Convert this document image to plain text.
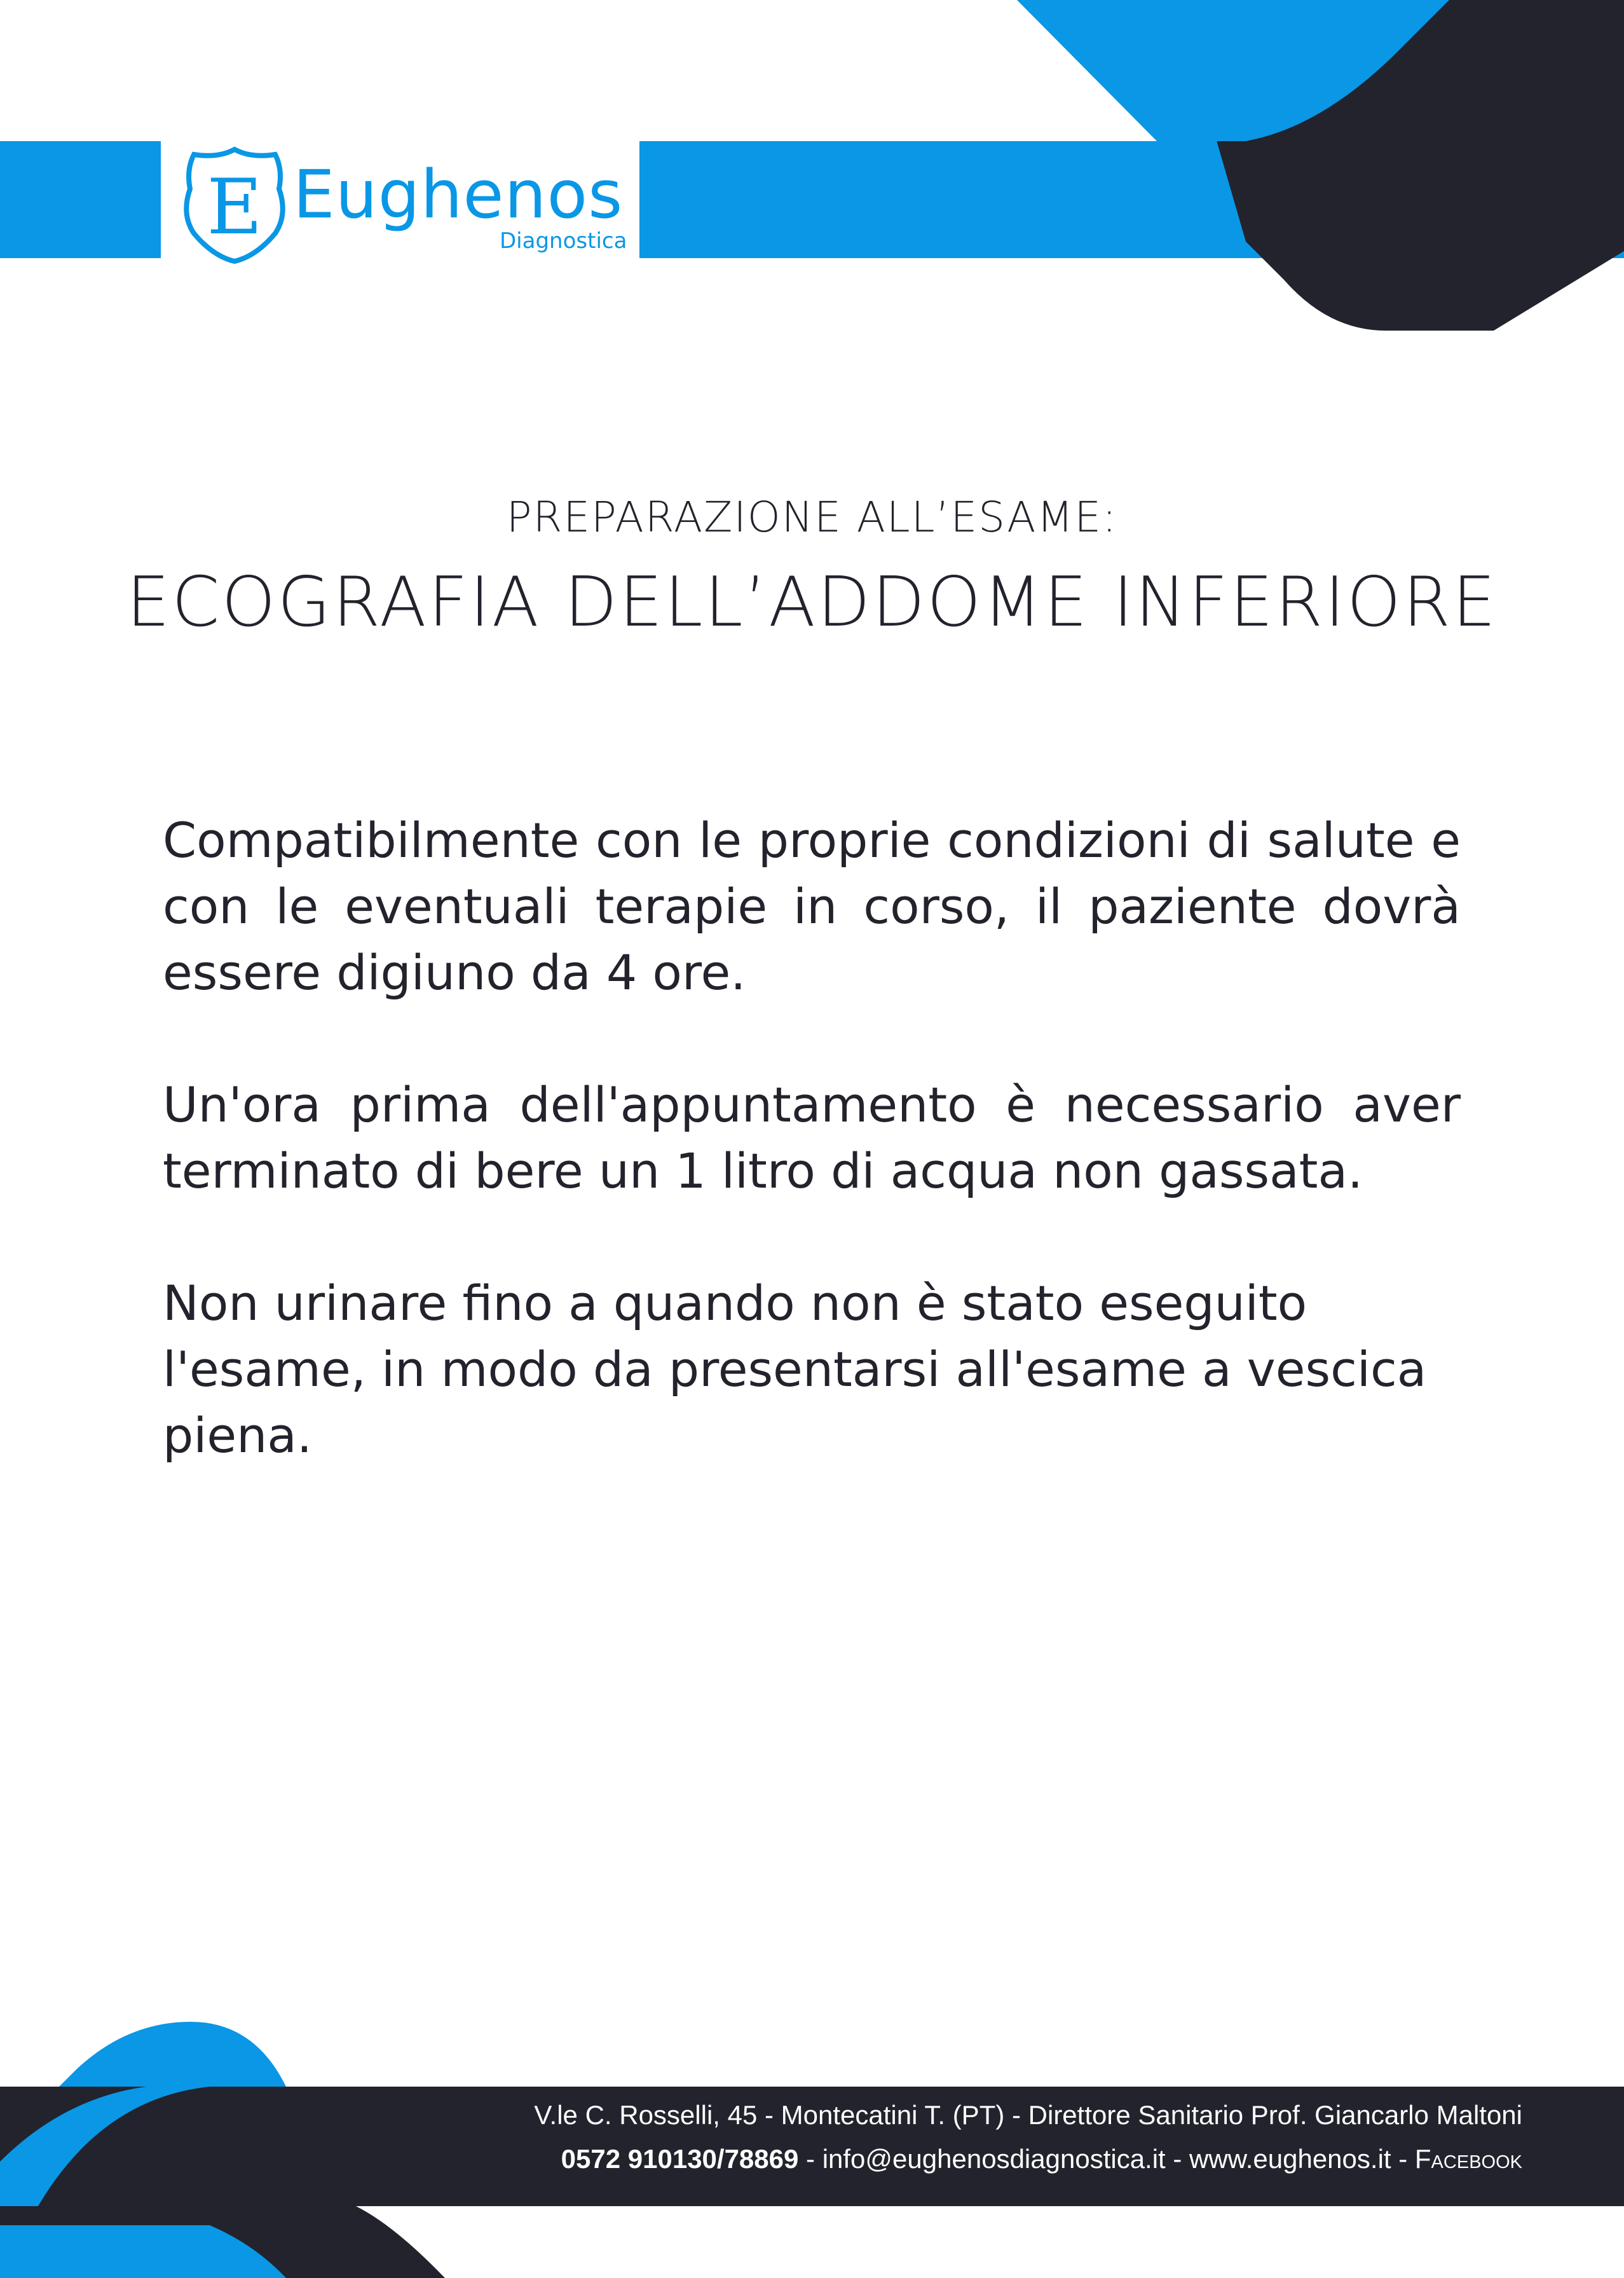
E Eughenos
Diagnostica
PREPARAZIONE ALL’ESAME:
ECOGRAFIA DELL’ADDOME INFERIORE

Compatibilmente con le proprie condizioni di salute e con le eventuali terapie in corso, il paziente dovrà essere digiuno da 4 ore.

Un'ora prima dell'appuntamento è necessario aver terminato di bere un 1 litro di acqua non gassata.

Non urinare fino a quando non è stato eseguito l'esame, in modo da presentarsi all'esame a vescica piena.

V.le C. Rosselli, 45 - Montecatini T. (PT) - Direttore Sanitario Prof. Giancarlo Maltoni
0572 910130/78869 - info@eughenosdiagnostica.it - www.eughenos.it - Facebook
